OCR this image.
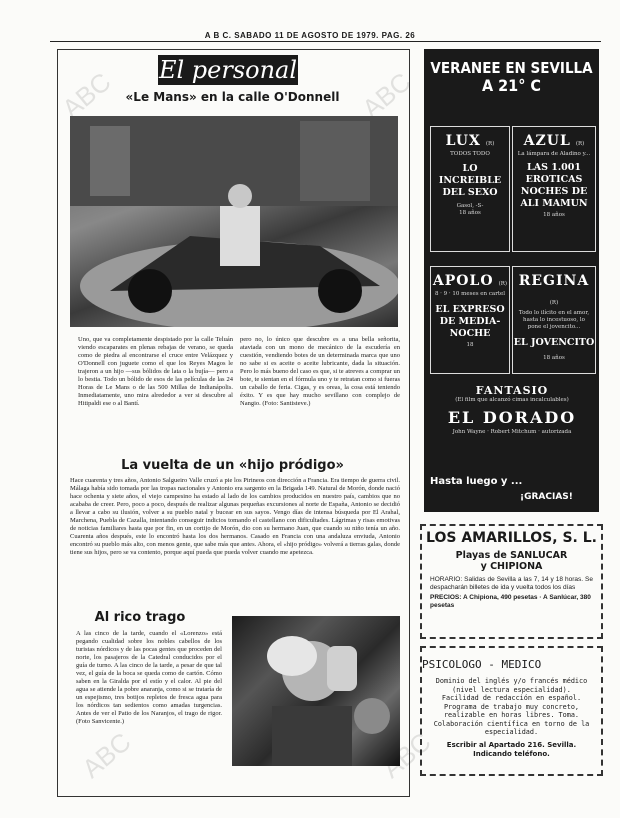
A B C. SABADO 11 DE AGOSTO DE 1979. PAG. 26
ABC	ABC
ABC	ABC
El personal
«Le Mans» en la calle O'Donnell
Uno, que va completamente despistado por la calle Teluán viendo escaparates en plenas rebajas de verano, se queda como de piedra al encontrarse el cruce entre Velázquez y O'Donnell con juguete como el que los Reyes Magos le trajeron a un hijo —sus bólidos de lata o la bujía— pero a lo bestia. Todo un bólido de esos de las películas de las 24 Horas de Le Mans o de las 500 Millas de Indianápolis. Inmediatamente, uno mira alrededor a ver si descubre al Hitipaldi ese o al Bantí.
pero no, lo único que descubre es a una bella señorita, ataviada con un mono de mecánico de la escudería en cuestión, vendiendo botes de un determinada marca que uno no sabe si es aceite o aceite lubricante, dada la situación. Pero lo más bueno del caso es que, si te atreves a comprar un bote, te sientan en el fórmula uno y te retratan como si fueras un caballo de feria. Cigas, y es oreas, la cosa está teniendo éxito. Y es que hay mucho sevillano con complejo de Nangio. (Foto: Santisteve.)
La vuelta de un «hijo pródigo»
Hace cuarenta y tres años, Antonio Salgueiro Valle cruzó a pie los Pirineos con dirección a Francia. Era tiempo de guerra civil. Málaga había sido tomada por las tropas nacionales y Antonio era sargento en la Brigada 149. Natural de Morón, donde nació hace ochenta y siete años, el viejo campesino ha estado al lado de los cambios producidos en nuestro país, cambios que no acababa de creer. Pero, poco a poco, después de realizar algunas pequeñas excursiones al norte de España, Antonio se decidió a llevar a cabo su ilusión, volver a su pueblo natal y bucear en sus sayos. Vengo días de intensa búsqueda por El Arahal, Marchena, Puebla de Cazalla, intentando conseguir indicios tomando el castellano con dificultades. Lágrimas y risas emotivas de noticias familiares hasta que por fin, en un cortijo de Morón, dio con su hermano Juan, que cuando su niño tenía un año. Cuarenta años después, este lo encontró hasta los dos hermanos. Casado en Francia con una andaluza enviuda, Antonio encontró su pueblo más alto, con menos gente, que sabe más que antes. Ahora, el «hijo pródigo» volverá a tierras galas, donde tiene sus hijos, pero se va contento, porque aquí pueda que pueda volver cuando me apetezca.
Al rico trago
A las cinco de la tarde, cuando el «Lorenzo» está pegando cualidad sobre los nobles cabellos de los turistas nórdicos y de las pocas gentes que proceden del norte, los pasajeros de la Catedral conducidos por el guía de turno. A las cinco de la tarde, a pesar de que tal vez, el guía de la boca se queda como de cartón. Cómo saben en la Giralda por el estío y el calor. Al pie del agua se atiende la pobre anaranja, como si se trataría de un espejismo, tres botijos repletos de fresca agua para los nórdicos tan sedientos como amadas turgencias. Antes de ver el Patio de los Naranjos, el trago de rigor. (Foto Sanvicente.)
VERANEE EN SEVILLA
A 21° C
LUX (R)
TODOS TODO
LO
INCREIBLE
DEL SEXO
Gasol, -S-
18 años
AZUL (R)
La lámpara de Aladino y...
LAS 1.001
EROTICAS
NOCHES DE
ALI MAMUN
18 años
APOLO (R)
8 · 9 · 10 meses en cartel
EL EXPRESO
DE MEDIA-
NOCHE
18
REGINA (R)
Todo lo ilícito en el amor, hasta lo incestuoso, lo pone el jovencito...
EL JOVENCITO
18 años
FANTASIO
(El film que alcanzó cimas incalculables)
EL DORADO
John Wayne · Robert Mitchum · autorizada
Hasta luego y ...
¡GRACIAS!
LOS AMARILLOS, S. L.
Playas de SANLUCAR
y CHIPIONA
HORARIO: Salidas de Sevilla a las 7, 14 y 18 horas. Se despacharán billetes de ida y vuelta todos los días
PRECIOS: A Chipiona, 490 pesetas · A Sanlúcar, 380 pesetas
PSICOLOGO - MEDICO
Dominio del inglés y/o francés médico (nivel lectura especialidad). Facilidad de redacción en español. Programa de trabajo muy concreto, realizable en horas libres. Toma. Colaboración científica en torno de la especialidad.
Escribir al Apartado 216. Sevilla. Indicando teléfono.
